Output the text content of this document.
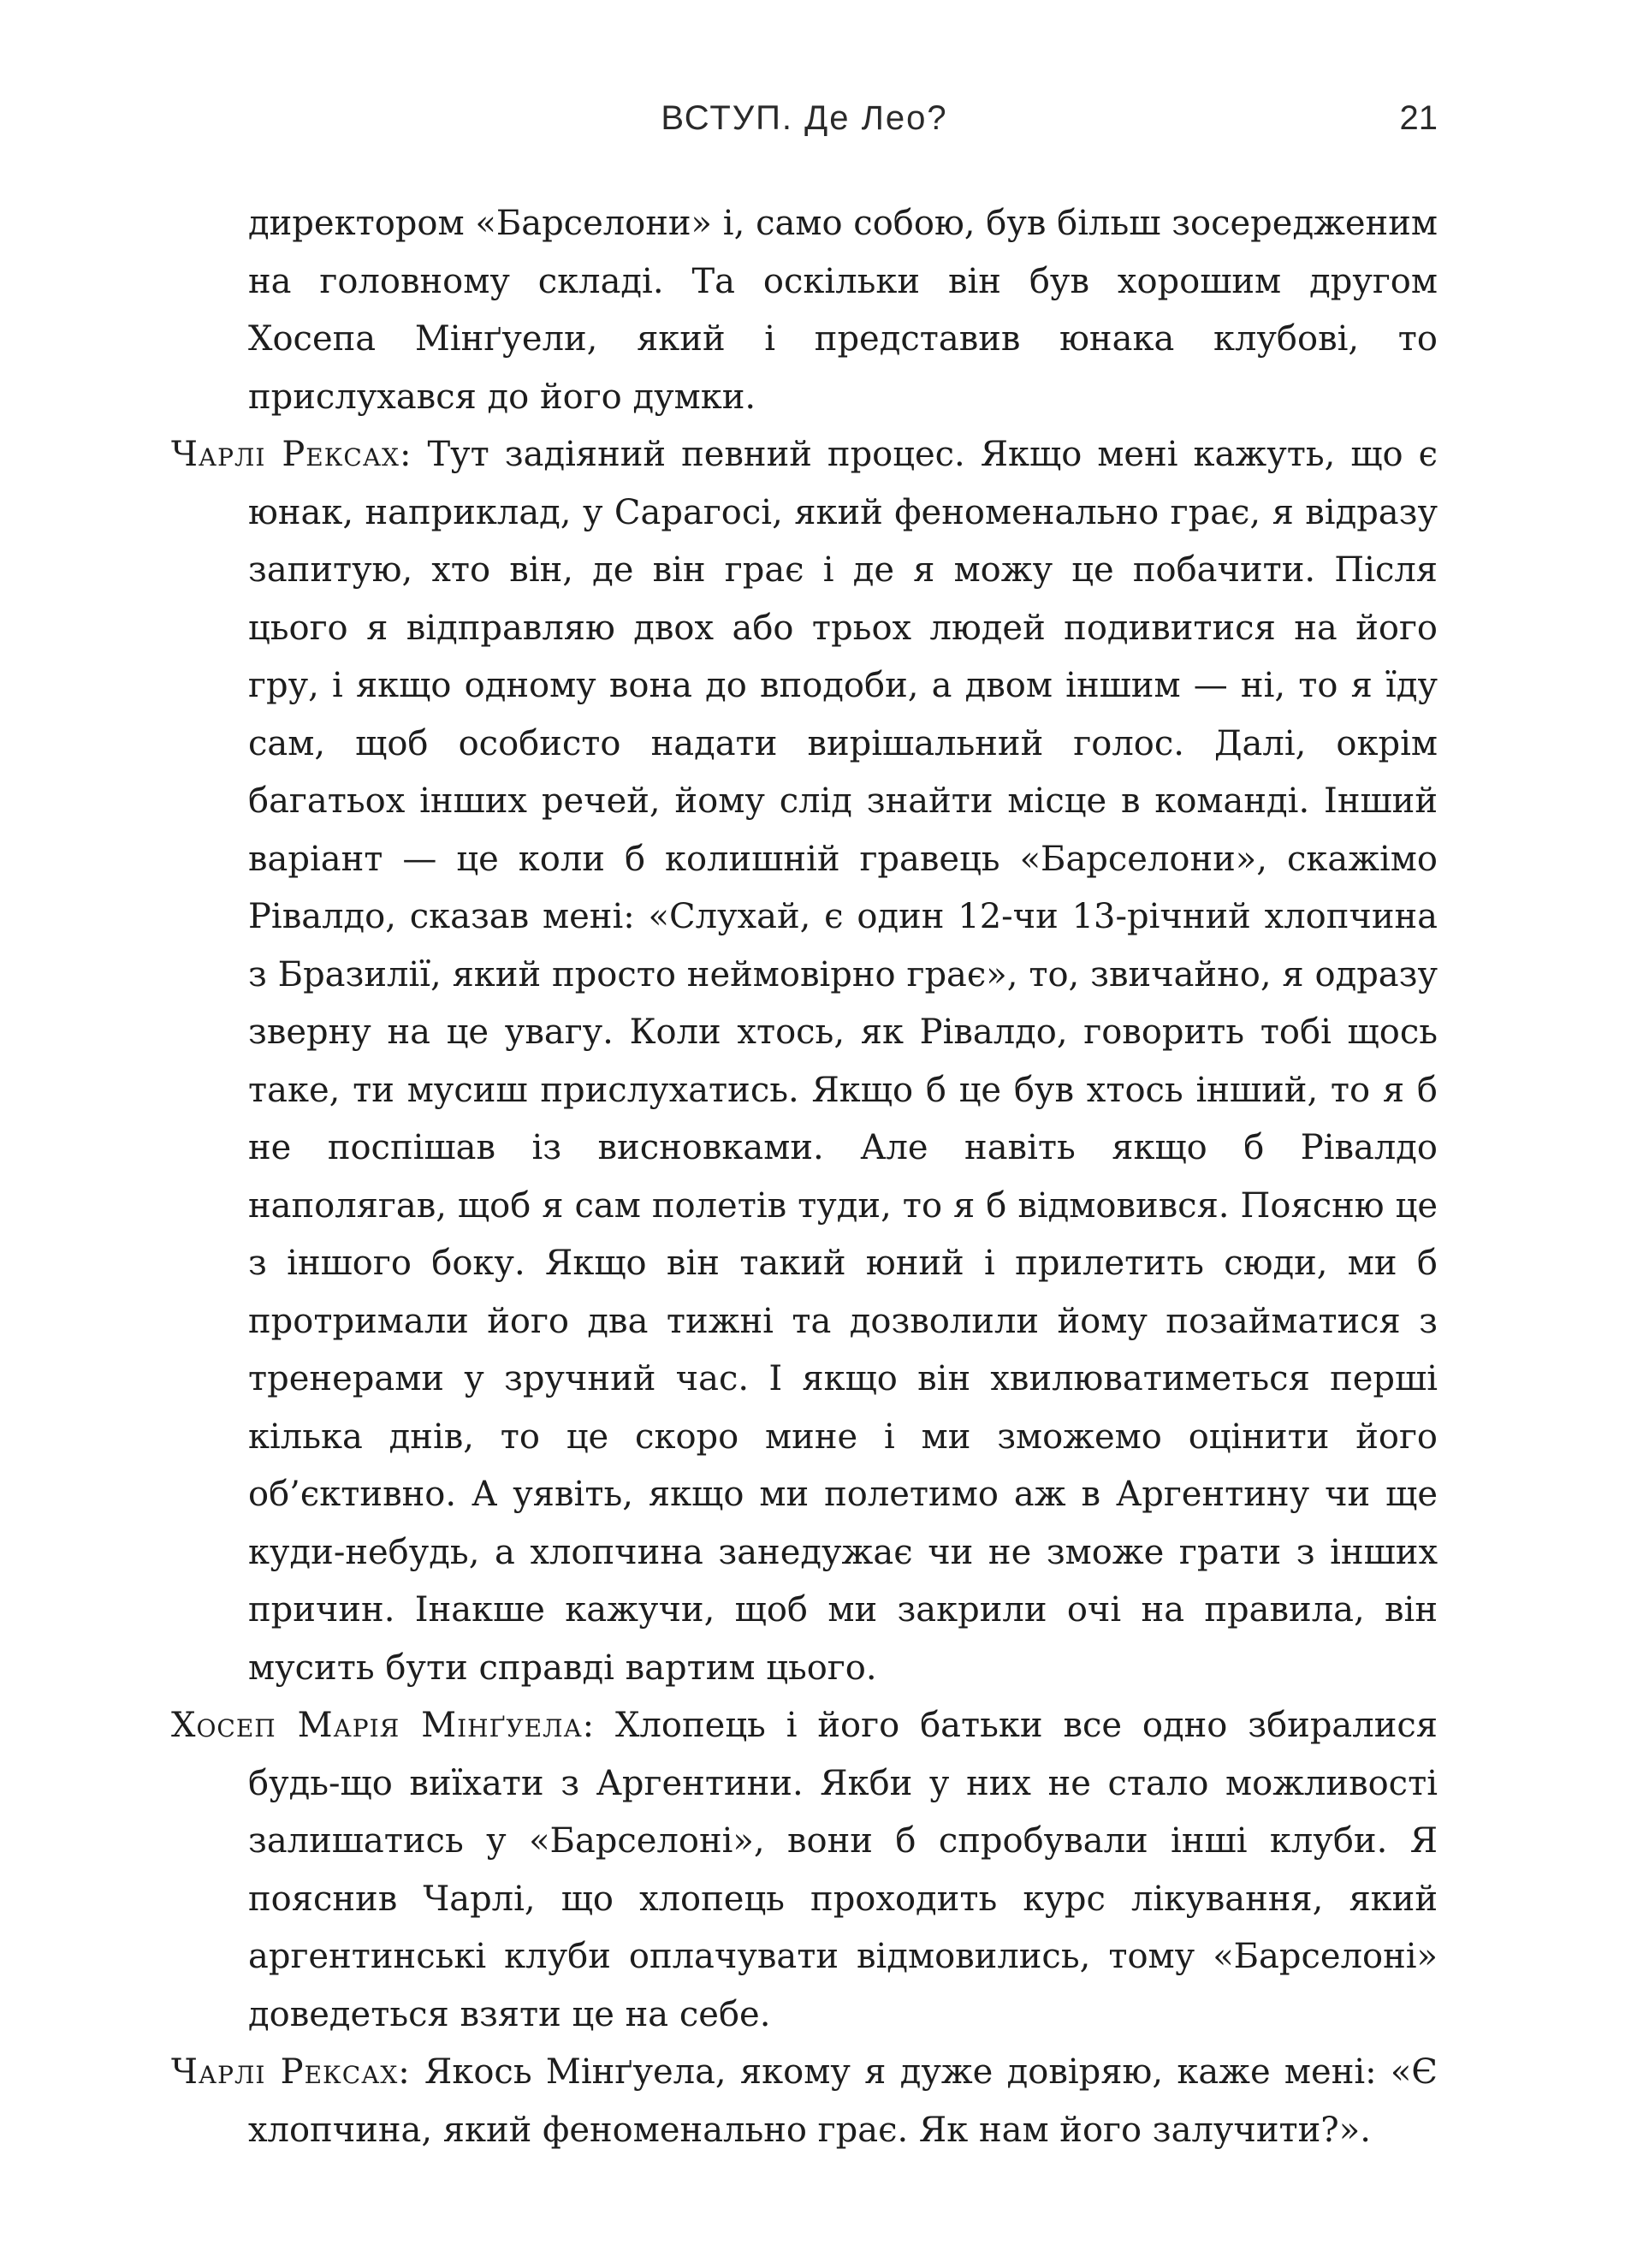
ВСТУП. Де Лео?	21

директором «Барселони» і, само собою, був більш зосередженим на головному складі. Та оскільки він був хорошим другом Хосепа Мінґуели, який і представив юнака клубові, то прислухався до його думки.

Чарлі Рексах: Тут задіяний певний процес. Якщо мені кажуть, що є юнак, наприклад, у Сарагосі, який феноменально грає, я відразу запитую, хто він, де він грає і де я можу це побачити. Після цього я відправляю двох або трьох людей подивитися на його гру, і якщо одному вона до вподоби, а двом іншим — ні, то я їду сам, щоб особисто надати вирішальний голос. Далі, окрім багатьох інших речей, йому слід знайти місце в команді. Інший варіант — це коли б колишній гравець «Барселони», скажімо Рівалдо, сказав мені: «Слухай, є один 12-чи 13-річний хлопчина з Бразилії, який просто неймовірно грає», то, звичайно, я одразу зверну на це увагу. Коли хтось, як Рівалдо, говорить тобі щось таке, ти мусиш прислухатись. Якщо б це був хтось інший, то я б не поспішав із висновками. Але навіть якщо б Рівалдо наполягав, щоб я сам полетів туди, то я б відмовився. Поясню це з іншого боку. Якщо він такий юний і прилетить сюди, ми б протримали його два тижні та дозволили йому позайматися з тренерами у зручний час. І якщо він хвилюватиметься перші кілька днів, то це скоро мине і ми зможемо оцінити його об’єктивно. А уявіть, якщо ми полетимо аж в Аргентину чи ще куди-небудь, а хлопчина занедужає чи не зможе грати з інших причин. Інакше кажучи, щоб ми закрили очі на правила, він мусить бути справді вартим цього.

Хосеп Марія Мінґуела: Хлопець і його батьки все одно збиралися будь-що виїхати з Аргентини. Якби у них не стало можливості залишатись у «Барселоні», вони б спробували інші клуби. Я пояснив Чарлі, що хлопець проходить курс лікування, який аргентинські клуби оплачувати відмовились, тому «Барселоні» доведеться взяти це на себе.

Чарлі Рексах: Якось Мінґуела, якому я дуже довіряю, каже мені: «Є хлопчина, який феноменально грає. Як нам його залучити?».
